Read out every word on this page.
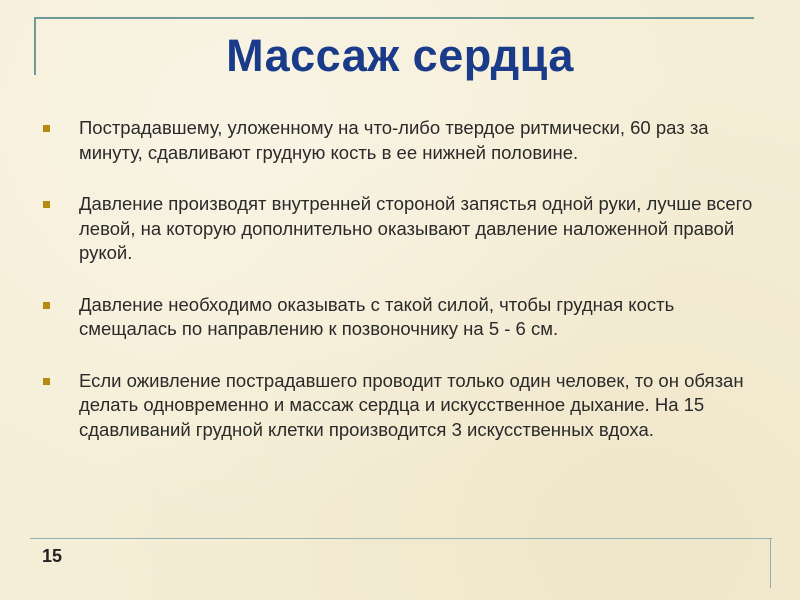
Массаж сердца
Пострадавшему, уложенному на что-либо твердое ритмически, 60 раз за минуту, сдавливают грудную кость в ее нижней половине.
Давление производят внутренней стороной запястья одной руки, лучше всего левой, на которую дополнительно оказывают давление наложенной правой рукой.
Давление необходимо оказывать с такой силой, чтобы грудная кость смещалась по направлению к позвоночнику на 5 - 6 см.
Если оживление пострадавшего проводит только один человек, то он обязан делать одновременно и массаж сердца и искусственное дыхание. На 15 сдавливаний грудной клетки производится 3 искусственных вдоха.
15
